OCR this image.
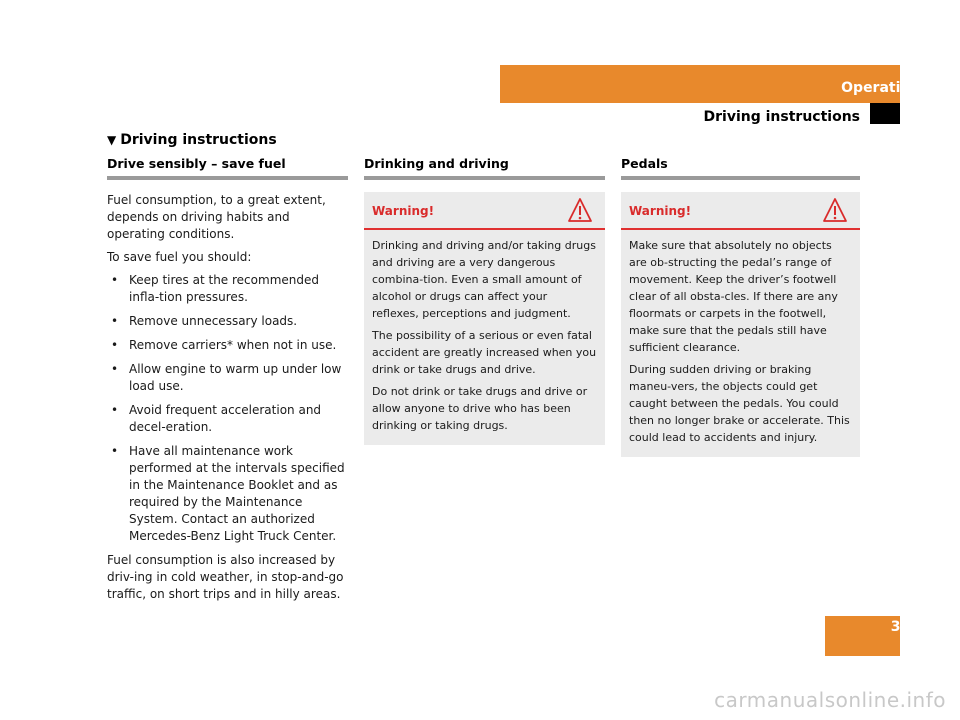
Operation
Driving instructions
▼ Driving instructions
Drive sensibly – save fuel

Fuel consumption, to a great extent, depends on driving habits and operating conditions.

To save fuel you should:

• Keep tires at the recommended infla-tion pressures.
• Remove unnecessary loads.
• Remove carriers* when not in use.
• Allow engine to warm up under low load use.
• Avoid frequent acceleration and decel-eration.
• Have all maintenance work performed at the intervals specified in the Maintenance Booklet and as required by the Maintenance System. Contact an authorized Mercedes-Benz Light Truck Center.

Fuel consumption is also increased by driv-ing in cold weather, in stop-and-go traffic, on short trips and in hilly areas.

Drinking and driving
Warning!

Drinking and driving and/or taking drugs and driving are a very dangerous combina-tion. Even a small amount of alcohol or drugs can affect your reflexes, perceptions and judgment.

The possibility of a serious or even fatal accident are greatly increased when you drink or take drugs and drive.

Do not drink or take drugs and drive or allow anyone to drive who has been drinking or taking drugs.

Pedals
Warning!

Make sure that absolutely no objects are ob-structing the pedal’s range of movement. Keep the driver’s footwell clear of all obsta-cles. If there are any floormats or carpets in the footwell, make sure that the pedals still have sufficient clearance.

During sudden driving or braking maneu-vers, the objects could get caught between the pedals. You could then no longer brake or accelerate. This could lead to accidents and injury.

311
carmanualsonline.info
